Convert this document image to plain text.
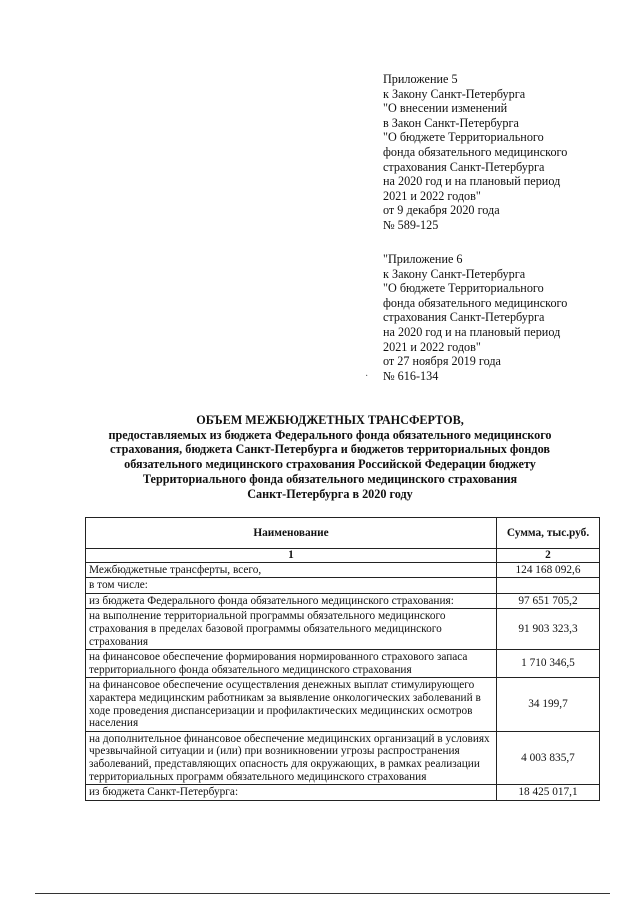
Приложение 5
к Закону Санкт-Петербурга
"О внесении изменений
в Закон Санкт-Петербурга
"О бюджете Территориального
фонда обязательного медицинского
страхования Санкт-Петербурга
на 2020 год и на плановый период
2021 и 2022 годов"
от 9 декабря 2020 года
№ 589-125
"Приложение 6
к Закону Санкт-Петербурга
"О бюджете Территориального
фонда обязательного медицинского
страхования Санкт-Петербурга
на 2020 год и на плановый период
2021 и 2022 годов"
от 27 ноября 2019 года
№ 616-134
·
ОБЪЕМ МЕЖБЮДЖЕТНЫХ ТРАНСФЕРТОВ,
предоставляемых из бюджета Федерального фонда обязательного медицинского
страхования, бюджета Санкт-Петербурга и бюджетов территориальных фондов
обязательного медицинского страхования Российской Федерации бюджету
Территориального фонда обязательного медицинского страхования
Санкт-Петербурга в 2020 году
Наименование	Сумма, тыс.руб.
1	2
Межбюджетные трансферты, всего,	124 168 092,6
в том числе:	
из бюджета Федерального фонда обязательного медицинского страхования:	97 651 705,2
на выполнение территориальной программы обязательного медицинского страхования в пределах базовой программы обязательного медицинского страхования	91 903 323,3
на финансовое обеспечение формирования нормированного страхового запаса территориального фонда обязательного медицинского страхования	1 710 346,5
на финансовое обеспечение осуществления денежных выплат стимулирующего характера медицинским работникам за выявление онкологических заболеваний в ходе проведения диспансеризации и профилактических медицинских осмотров населения	34 199,7
на дополнительное финансовое обеспечение медицинских организаций в условиях чрезвычайной ситуации и (или) при возникновении угрозы распространения заболеваний, представляющих опасность для окружающих, в рамках реализации территориальных программ обязательного медицинского страхования	4 003 835,7
из бюджета Санкт-Петербурга:	18 425 017,1
